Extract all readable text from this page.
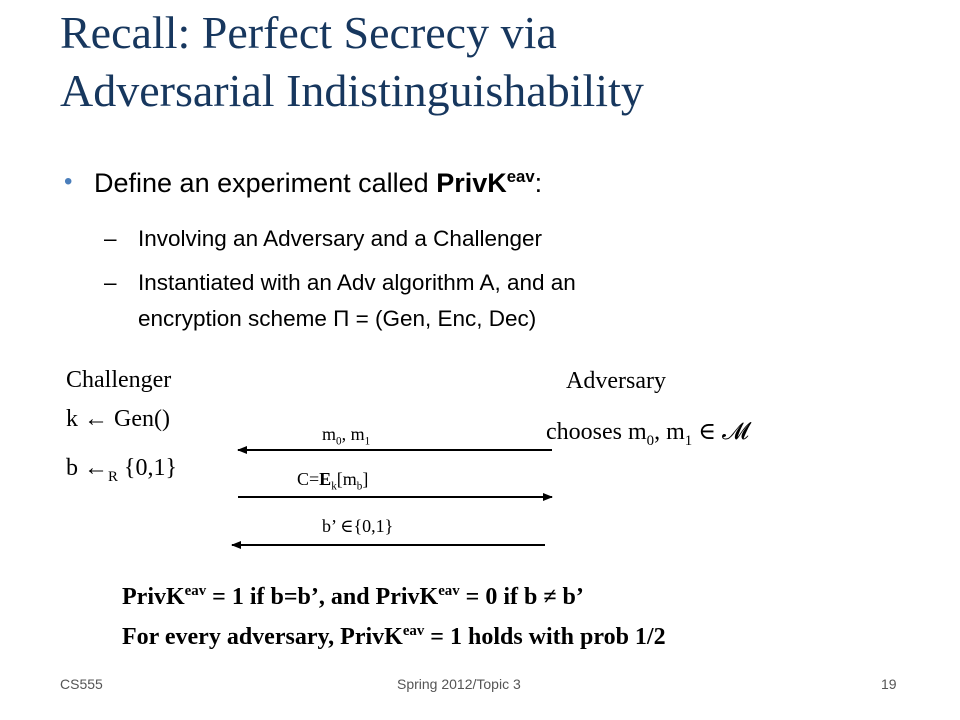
Recall: Perfect Secrecy via
Adversarial Indistinguishability
• Define an experiment called PrivK$^{eav}$:
– Involving an Adversary and a Challenger
– Instantiated with an Adv algorithm A, and an
encryption scheme Π = (Gen, Enc, Dec)
Challenger
k ← Gen()
b $\leftarrow_R$ {0,1}
Adversary
chooses $m_0$, $m_1$ ∈ 𝓜
$m_0$, $m_1$
$C=E_k[m_b]$
b’ ∈{0,1}
PrivK$^{eav}$ = 1 if b=b’, and PrivK$^{eav}$ = 0 if b ≠ b’
For every adversary, PrivK$^{eav}$ = 1 holds with prob 1/2
CS555	Spring 2012/Topic 3	19
